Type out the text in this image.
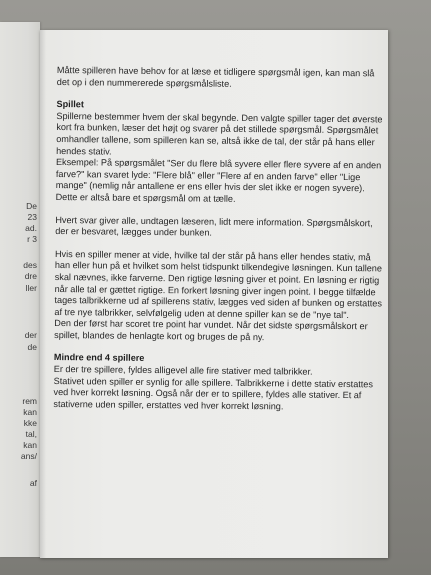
De
23
ad.
r 3
des
dre
ller
der
de
rem
kan
kke
tal,
kan
ans/
af

Måtte spilleren have behov for at læse et tidligere spørgsmål igen, kan man slå
det op i den nummererede spørgsmålsliste.

Spillet
Spillerne bestemmer hvem der skal begynde. Den valgte spiller tager det øverste
kort fra bunken, læser det højt og svarer på det stillede spørgsmål. Spørgsmålet
omhandler tallene, som spilleren kan se, altså ikke de tal, der står på hans eller
hendes stativ.
Eksempel: På spørgsmålet "Ser du flere blå syvere eller flere syvere af en anden
farve?" kan svaret lyde: "Flere blå" eller "Flere af en anden farve" eller "Lige
mange" (nemlig når antallene er ens eller hvis der slet ikke er nogen syvere).
Dette er altså bare et spørgsmål om at tælle.

Hvert svar giver alle, undtagen læseren, lidt mere information. Spørgsmålskort,
der er besvaret, lægges under bunken.

Hvis en spiller mener at vide, hvilke tal der står på hans eller hendes stativ, må
han eller hun på et hvilket som helst tidspunkt tilkendegive løsningen. Kun tallene
skal nævnes, ikke farverne. Den rigtige løsning giver et point. En løsning er rigtig
når alle tal er gættet rigtige. En forkert løsning giver ingen point. I begge tilfælde
tages talbrikkerne ud af spillerens stativ, lægges ved siden af bunken og erstattes
af tre nye talbrikker, selvfølgelig uden at denne spiller kan se de "nye tal".
Den der først har scoret tre point har vundet. Når det sidste spørgsmålskort er
spillet, blandes de henlagte kort og bruges de på ny.

Mindre end 4 spillere
Er der tre spillere, fyldes alligevel alle fire stativer med talbrikker.
Stativet uden spiller er synlig for alle spillere. Talbrikkerne i dette stativ erstattes
ved hver korrekt løsning. Også når der er to spillere, fyldes alle stativer. Et af
stativerne uden spiller, erstattes ved hver korrekt løsning.
